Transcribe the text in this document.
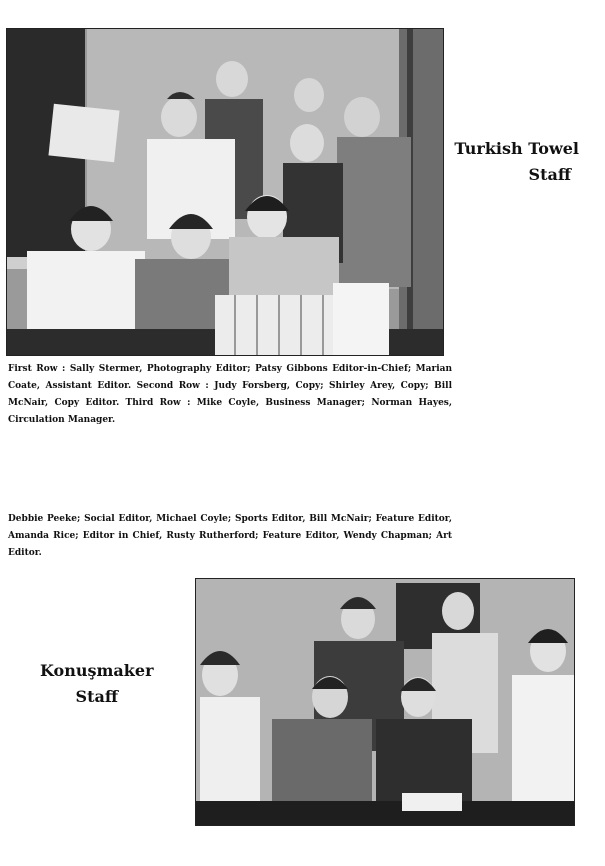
Turkish Towel
Staff
First Row : Sally Stermer, Photography Editor; Patsy Gibbons Editor-in-Chief; Marian Coate, Assistant Editor. Second Row : Judy Forsberg, Copy; Shirley Arey, Copy; Bill McNair, Copy Editor. Third Row : Mike Coyle, Business Manager; Norman Hayes, Circulation Manager.
Debbie Peeke; Social Editor, Michael Coyle; Sports Editor, Bill McNair; Feature Editor, Amanda Rice; Editor in Chief, Rusty Rutherford; Feature Editor, Wendy Chapman; Art Editor.
Konuşmaker
Staff
